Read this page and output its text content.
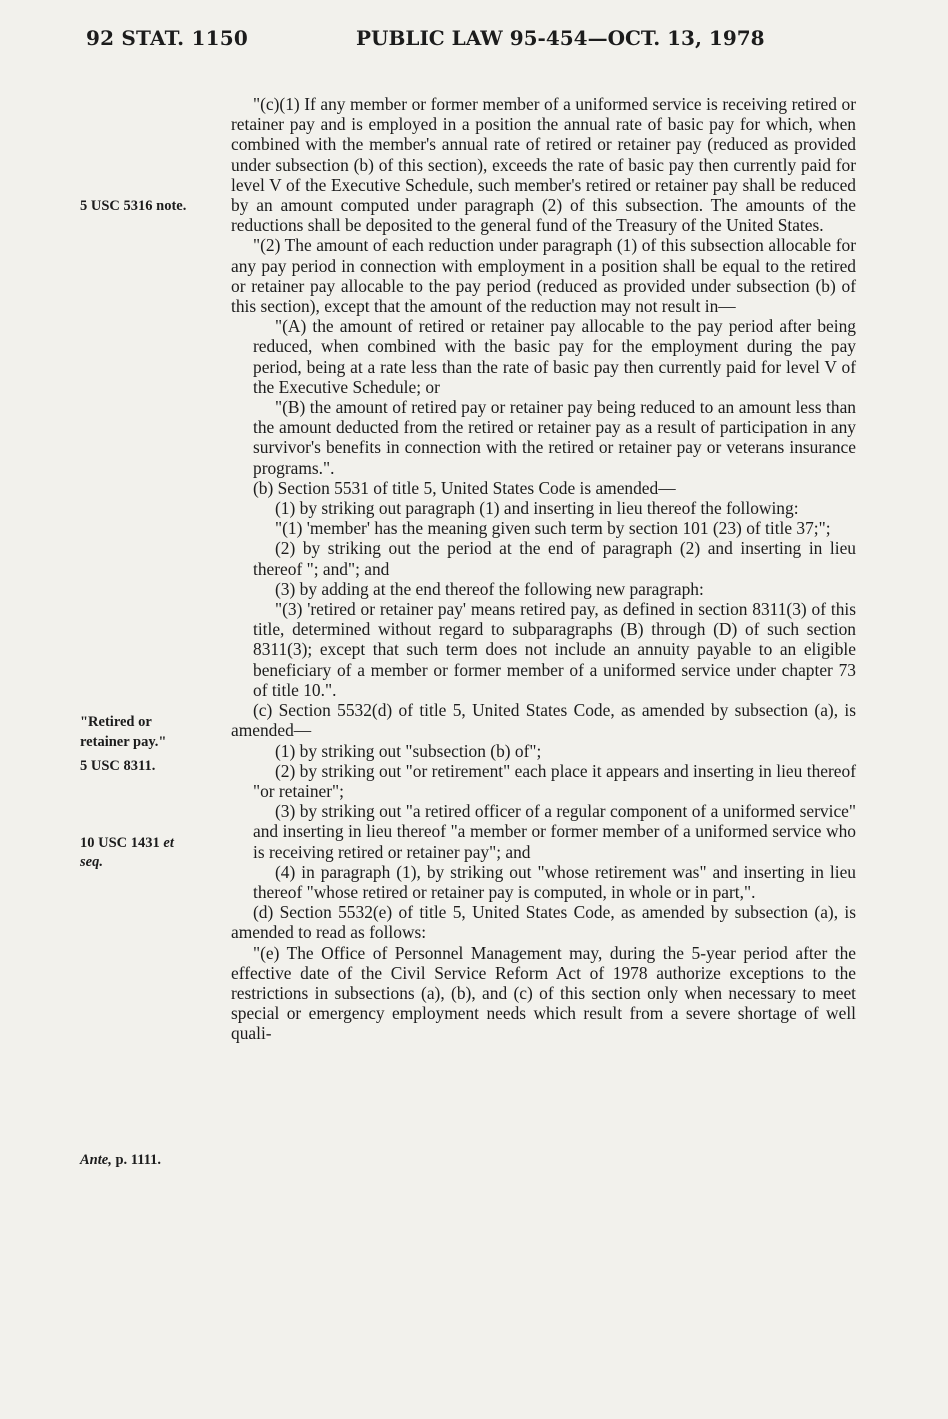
92 STAT. 1150	PUBLIC LAW 95-454—OCT. 13, 1978
5 USC 5316 note.
"Retired or
retainer pay."
5 USC 8311.
10 USC 1431 et
seq.
Ante, p. 1111.

"(c)(1) If any member or former member of a uniformed service is receiving retired or retainer pay and is employed in a position the annual rate of basic pay for which, when combined with the member's annual rate of retired or retainer pay (reduced as provided under subsection (b) of this section), exceeds the rate of basic pay then currently paid for level V of the Executive Schedule, such member's retired or retainer pay shall be reduced by an amount computed under paragraph (2) of this subsection. The amounts of the reductions shall be deposited to the general fund of the Treasury of the United States.

"(2) The amount of each reduction under paragraph (1) of this subsection allocable for any pay period in connection with employment in a position shall be equal to the retired or retainer pay allocable to the pay period (reduced as provided under subsection (b) of this section), except that the amount of the reduction may not result in—

"(A) the amount of retired or retainer pay allocable to the pay period after being reduced, when combined with the basic pay for the employment during the pay period, being at a rate less than the rate of basic pay then currently paid for level V of the Executive Schedule; or

"(B) the amount of retired pay or retainer pay being reduced to an amount less than the amount deducted from the retired or retainer pay as a result of participation in any survivor's benefits in connection with the retired or retainer pay or veterans insurance programs.".

(b) Section 5531 of title 5, United States Code is amended—

(1) by striking out paragraph (1) and inserting in lieu thereof the following:

"(1) 'member' has the meaning given such term by section 101 (23) of title 37;";

(2) by striking out the period at the end of paragraph (2) and inserting in lieu thereof "; and"; and

(3) by adding at the end thereof the following new paragraph:

"(3) 'retired or retainer pay' means retired pay, as defined in section 8311(3) of this title, determined without regard to subparagraphs (B) through (D) of such section 8311(3); except that such term does not include an annuity payable to an eligible beneficiary of a member or former member of a uniformed service under chapter 73 of title 10.".

(c) Section 5532(d) of title 5, United States Code, as amended by subsection (a), is amended—

(1) by striking out "subsection (b) of";

(2) by striking out "or retirement" each place it appears and inserting in lieu thereof "or retainer";

(3) by striking out "a retired officer of a regular component of a uniformed service" and inserting in lieu thereof "a member or former member of a uniformed service who is receiving retired or retainer pay"; and

(4) in paragraph (1), by striking out "whose retirement was" and inserting in lieu thereof "whose retired or retainer pay is computed, in whole or in part,".

(d) Section 5532(e) of title 5, United States Code, as amended by subsection (a), is amended to read as follows:

"(e) The Office of Personnel Management may, during the 5-year period after the effective date of the Civil Service Reform Act of 1978 authorize exceptions to the restrictions in subsections (a), (b), and (c) of this section only when necessary to meet special or emergency employment needs which result from a severe shortage of well quali-
